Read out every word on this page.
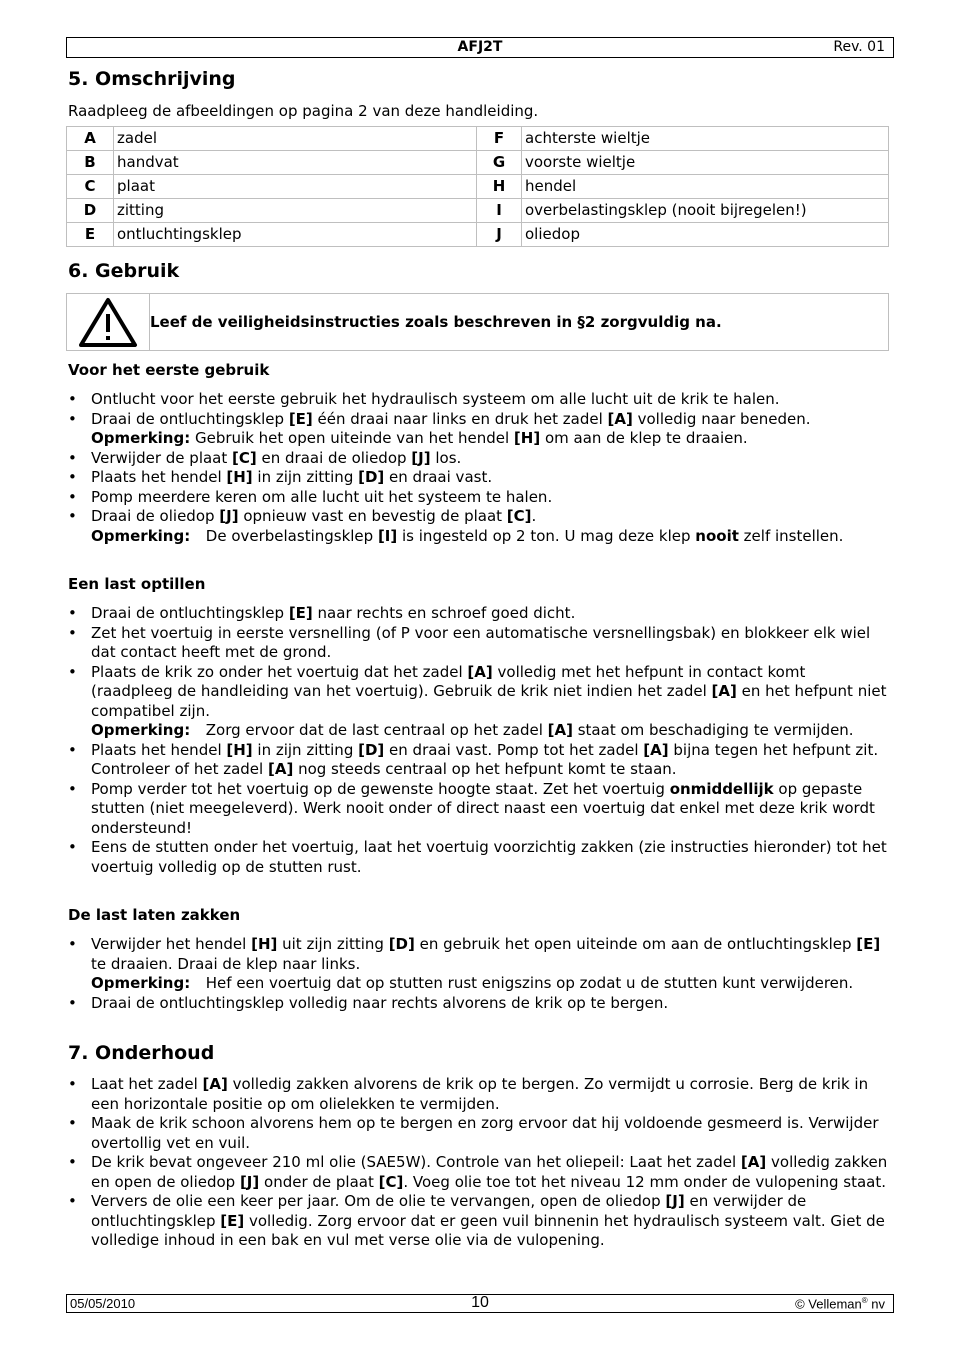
AFJ2T	Rev. 01
5. Omschrijving
Raadpleeg de afbeeldingen op pagina 2 van deze handleiding.
A	zadel	F	achterste wieltje
B	handvat	G	voorste wieltje
C	plaat	H	hendel
D	zitting	I	overbelastingsklep (nooit bijregelen!)
E	ontluchtingsklep	J	oliedop
6. Gebruik
Leef de veiligheidsinstructies zoals beschreven in §2 zorgvuldig na.
Voor het eerste gebruik
• Ontlucht voor het eerste gebruik het hydraulisch systeem om alle lucht uit de krik te halen.
• Draai de ontluchtingsklep [E] één draai naar links en druk het zadel [A] volledig naar beneden.
Opmerking: Gebruik het open uiteinde van het hendel [H] om aan de klep te draaien.
• Verwijder de plaat [C] en draai de oliedop [J] los.
• Plaats het hendel [H] in zijn zitting [D] en draai vast.
• Pomp meerdere keren om alle lucht uit het systeem te halen.
• Draai de oliedop [J] opnieuw vast en bevestig de plaat [C].
Opmerking: De overbelastingsklep [I] is ingesteld op 2 ton. U mag deze klep nooit zelf instellen.
Een last optillen
• Draai de ontluchtingsklep [E] naar rechts en schroef goed dicht.
• Zet het voertuig in eerste versnelling (of P voor een automatische versnellingsbak) en blokkeer elk wiel dat contact heeft met de grond.
• Plaats de krik zo onder het voertuig dat het zadel [A] volledig met het hefpunt in contact komt (raadpleeg de handleiding van het voertuig). Gebruik de krik niet indien het zadel [A] en het hefpunt niet compatibel zijn.
Opmerking: Zorg ervoor dat de last centraal op het zadel [A] staat om beschadiging te vermijden.
• Plaats het hendel [H] in zijn zitting [D] en draai vast. Pomp tot het zadel [A] bijna tegen het hefpunt zit. Controleer of het zadel [A] nog steeds centraal op het hefpunt komt te staan.
• Pomp verder tot het voertuig op de gewenste hoogte staat. Zet het voertuig onmiddellijk op gepaste stutten (niet meegeleverd). Werk nooit onder of direct naast een voertuig dat enkel met deze krik wordt ondersteund!
• Eens de stutten onder het voertuig, laat het voertuig voorzichtig zakken (zie instructies hieronder) tot het voertuig volledig op de stutten rust.
De last laten zakken
• Verwijder het hendel [H] uit zijn zitting [D] en gebruik het open uiteinde om aan de ontluchtingsklep [E] te draaien. Draai de klep naar links.
Opmerking: Hef een voertuig dat op stutten rust enigszins op zodat u de stutten kunt verwijderen.
• Draai de ontluchtingsklep volledig naar rechts alvorens de krik op te bergen.
7. Onderhoud
• Laat het zadel [A] volledig zakken alvorens de krik op te bergen. Zo vermijdt u corrosie. Berg de krik in een horizontale positie op om olielekken te vermijden.
• Maak de krik schoon alvorens hem op te bergen en zorg ervoor dat hij voldoende gesmeerd is. Verwijder overtollig vet en vuil.
• De krik bevat ongeveer 210 ml olie (SAE5W). Controle van het oliepeil: Laat het zadel [A] volledig zakken en open de oliedop [J] onder de plaat [C]. Voeg olie toe tot het niveau 12 mm onder de vulopening staat.
• Ververs de olie een keer per jaar. Om de olie te vervangen, open de oliedop [J] en verwijder de ontluchtingsklep [E] volledig. Zorg ervoor dat er geen vuil binnenin het hydraulisch systeem valt. Giet de volledige inhoud in een bak en vul met verse olie via de vulopening.
05/05/2010	10	© Velleman® nv
